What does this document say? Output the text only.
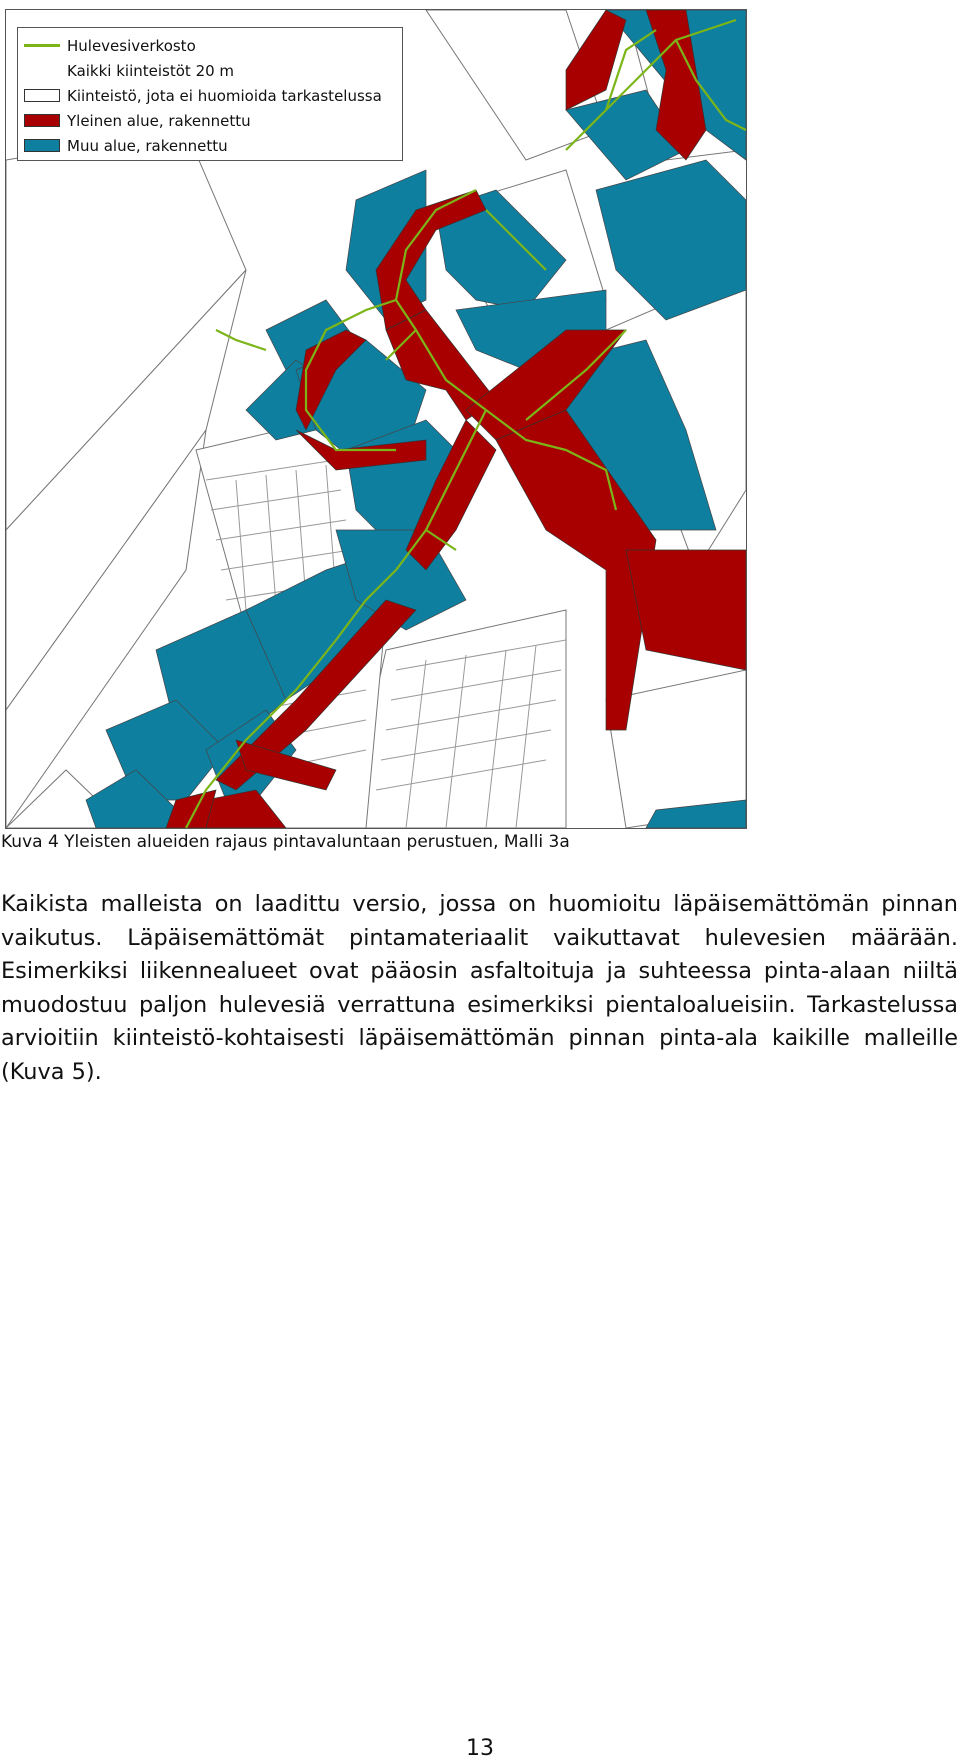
Hulevesiverkosto
Kaikki kiinteistöt 20 m
Kiinteistö, jota ei huomioida tarkastelussa
Yleinen alue, rakennettu
Muu alue, rakennettu
Kuva 4 Yleisten alueiden rajaus pintavaluntaan perustuen, Malli 3a

Kaikista malleista on laadittu versio, jossa on huomioitu läpäisemättömän pinnan vaikutus. Läpäisemättömät pintamateriaalit vaikuttavat hulevesien määrään. Esimerkiksi liikennealueet ovat pääosin asfaltoituja ja suhteessa pinta-alaan niiltä muodostuu paljon hulevesiä verrattuna esimerkiksi pientaloalueisiin. Tarkastelussa arvioitiin kiinteistö-kohtaisesti läpäisemättömän pinnan pinta-ala kaikille malleille (Kuva 5).

13
